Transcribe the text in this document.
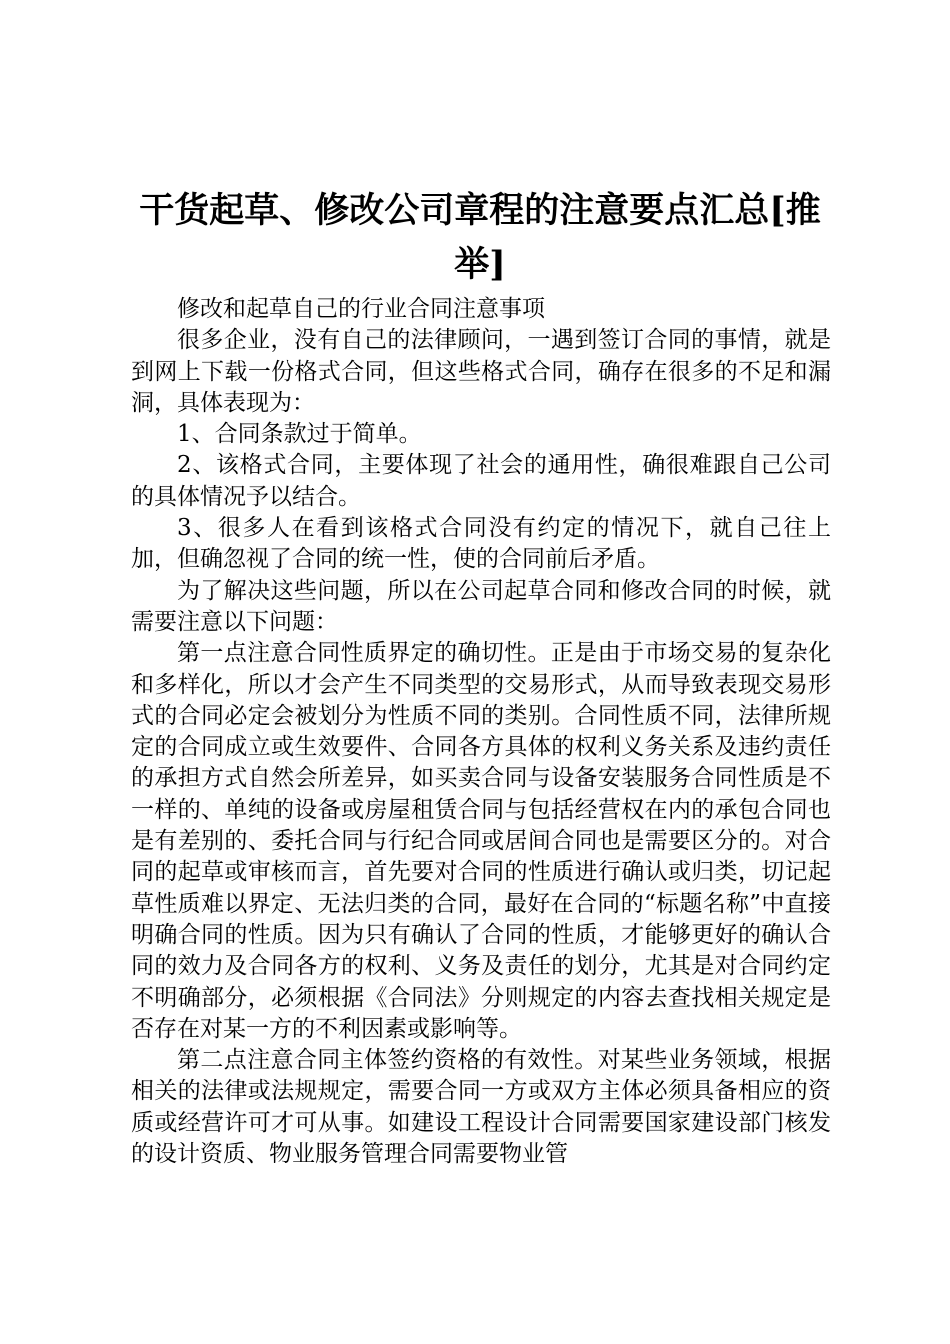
干货起草、修改公司章程的注意要点汇总[推举]

修改和起草自己的行业合同注意事项

很多企业，没有自己的法律顾问，一遇到签订合同的事情，就是到网上下载一份格式合同，但这些格式合同，确存在很多的不足和漏洞，具体表现为：

1、合同条款过于简单。

2、该格式合同，主要体现了社会的通用性，确很难跟自己公司的具体情况予以结合。

3、很多人在看到该格式合同没有约定的情况下，就自己往上加，但确忽视了合同的统一性，使的合同前后矛盾。

为了解决这些问题，所以在公司起草合同和修改合同的时候，就需要注意以下问题：

第一点注意合同性质界定的确切性。正是由于市场交易的复杂化和多样化，所以才会产生不同类型的交易形式，从而导致表现交易形式的合同必定会被划分为性质不同的类别。合同性质不同，法律所规定的合同成立或生效要件、合同各方具体的权利义务关系及违约责任的承担方式自然会所差异，如买卖合同与设备安装服务合同性质是不一样的、单纯的设备或房屋租赁合同与包括经营权在内的承包合同也是有差别的、委托合同与行纪合同或居间合同也是需要区分的。对合同的起草或审核而言，首先要对合同的性质进行确认或归类，切记起草性质难以界定、无法归类的合同，最好在合同的“标题名称”中直接明确合同的性质。因为只有确认了合同的性质，才能够更好的确认合同的效力及合同各方的权利、义务及责任的划分，尤其是对合同约定不明确部分，必须根据《合同法》分则规定的内容去查找相关规定是否存在对某一方的不利因素或影响等。

第二点注意合同主体签约资格的有效性。对某些业务领域，根据相关的法律或法规规定，需要合同一方或双方主体必须具备相应的资质或经营许可才可从事。如建设工程设计合同需要国家建设部门核发的设计资质、物业服务管理合同需要物业管
